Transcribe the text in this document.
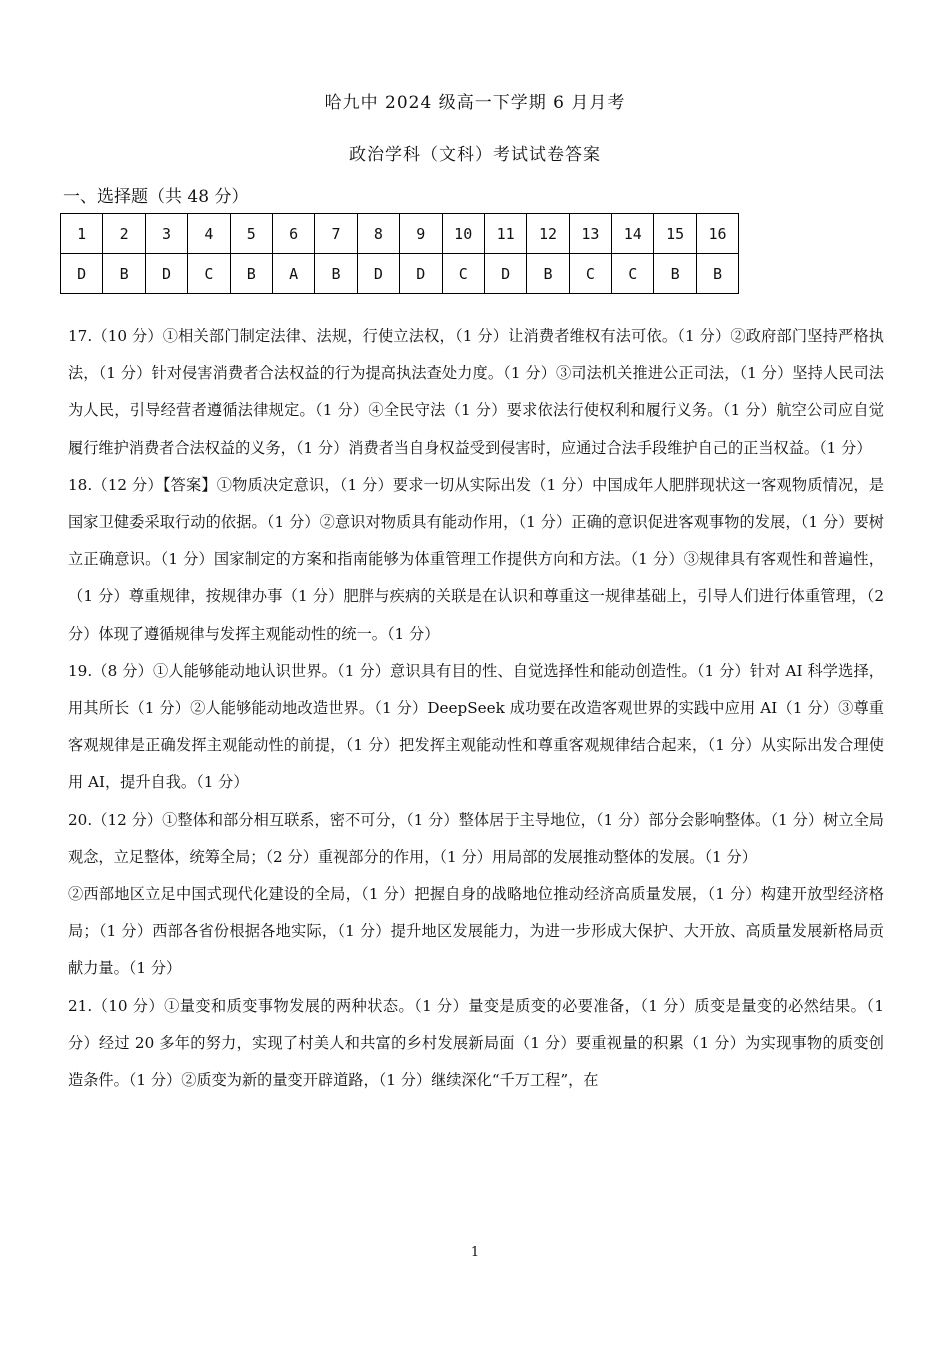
哈九中 2024 级高一下学期 6 月月考
政治学科（文科）考试试卷答案
一、选择题（共 48 分）
1	2	3	4	5	6	7	8	9	10	11	12	13	14	15	16
D	B	D	C	B	A	B	D	D	C	D	B	C	C	B	B

17.（10 分）①相关部门制定法律、法规，行使立法权，（1 分）让消费者维权有法可依。（1 分）②政府部门坚持严格执法，（1 分）针对侵害消费者合法权益的行为提高执法查处力度。（1 分）③司法机关推进公正司法，（1 分）坚持人民司法为人民，引导经营者遵循法律规定。（1 分）④全民守法（1 分）要求依法行使权利和履行义务。（1 分）航空公司应自觉履行维护消费者合法权益的义务，（1 分）消费者当自身权益受到侵害时，应通过合法手段维护自己的正当权益。（1 分）

18.（12 分）【答案】①物质决定意识，（1 分）要求一切从实际出发（1 分）中国成年人肥胖现状这一客观物质情况，是国家卫健委采取行动的依据。（1 分）②意识对物质具有能动作用，（1 分）正确的意识促进客观事物的发展，（1 分）要树立正确意识。（1 分）国家制定的方案和指南能够为体重管理工作提供方向和方法。（1 分）③规律具有客观性和普遍性，（1 分）尊重规律，按规律办事（1 分）肥胖与疾病的关联是在认识和尊重这一规律基础上，引导人们进行体重管理，（2 分）体现了遵循规律与发挥主观能动性的统一。（1 分）

19.（8 分）①人能够能动地认识世界。（1 分）意识具有目的性、自觉选择性和能动创造性。（1 分）针对 AI 科学选择，用其所长（1 分）②人能够能动地改造世界。（1 分）DeepSeek 成功要在改造客观世界的实践中应用 AI（1 分）③尊重客观规律是正确发挥主观能动性的前提，（1 分）把发挥主观能动性和尊重客观规律结合起来，（1 分）从实际出发合理使用 AI，提升自我。（1 分）

20.（12 分）①整体和部分相互联系，密不可分，（1 分）整体居于主导地位，（1 分）部分会影响整体。（1 分）树立全局观念，立足整体，统筹全局；（2 分）重视部分的作用，（1 分）用局部的发展推动整体的发展。（1 分）

②西部地区立足中国式现代化建设的全局，（1 分）把握自身的战略地位推动经济高质量发展，（1 分）构建开放型经济格局；（1 分）西部各省份根据各地实际，（1 分）提升地区发展能力，为进一步形成大保护、大开放、高质量发展新格局贡献力量。（1 分）

21.（10 分）①量变和质变事物发展的两种状态。（1 分）量变是质变的必要准备，（1 分）质变是量变的必然结果。（1 分）经过 20 多年的努力，实现了村美人和共富的乡村发展新局面（1 分）要重视量的积累（1 分）为实现事物的质变创造条件。（1 分）②质变为新的量变开辟道路，（1 分）继续深化“千万工程”，在

1
